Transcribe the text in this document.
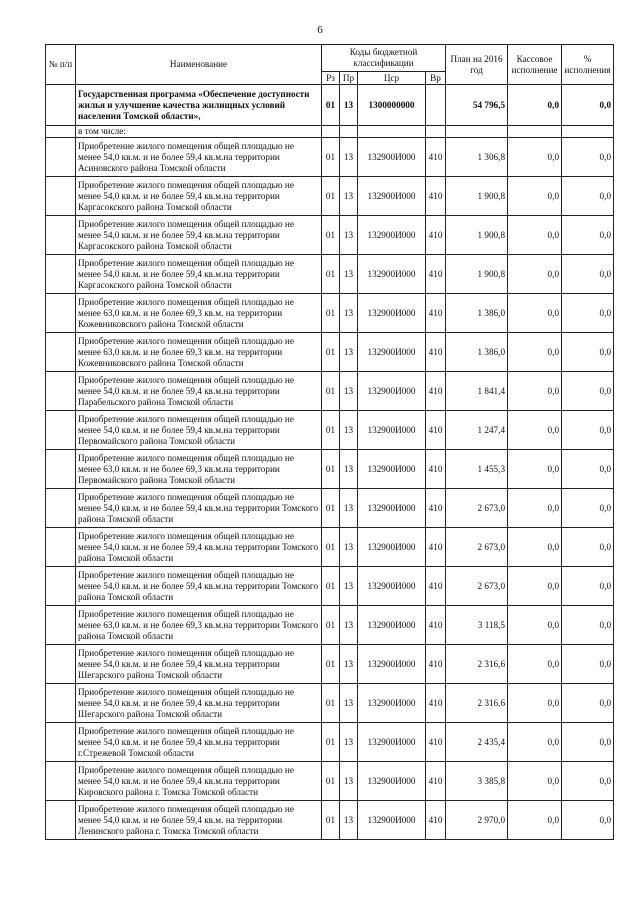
6
№ п/п	Наименование	Коды бюджетной классификации				План на 2016 год	Кассовое исполнение	% исполнения
		Рз	Пр	Цср	Вр			
	Государственная программа «Обеспечение доступности жилья и улучшение качества жилищных условий населения Томской области»,	01	13	1300000000		54 796,5	0,0	0,0
	в том числе:							
	Приобретение жилого помещения общей площадью не менее 54,0 кв.м. и не более 59,4 кв.м.на территории Асиновского района Томской области	01	13	132900И000	410	1 306,8	0,0	0,0
	Приобретение жилого помещения общей площадью не менее 54,0 кв.м. и не более 59,4 кв.м.на территории Каргасокского района Томской области	01	13	132900И000	410	1 900,8	0,0	0,0
	Приобретение жилого помещения общей площадью не менее 54,0 кв.м. и не более 59,4 кв.м.на территории Каргасокского района Томской области	01	13	132900И000	410	1 900,8	0,0	0,0
	Приобретение жилого помещения общей площадью не менее 54,0 кв.м. и не более 59,4 кв.м.на территории Каргасокского района Томской области	01	13	132900И000	410	1 900,8	0,0	0,0
	Приобретение жилого помещения общей площадью не менее 63,0 кв.м. и не более 69,3 кв.м. на территории Кожевниковского района Томской области	01	13	132900И000	410	1 386,0	0,0	0,0
	Приобретение жилого помещения общей площадью не менее 63,0 кв.м. и не более 69,3 кв.м. на территории Кожевниковского района Томской области	01	13	132900И000	410	1 386,0	0,0	0,0
	Приобретение жилого помещения общей площадью не менее 54,0 кв.м. и не более 59,4 кв.м.на территории Парабельского района Томской области	01	13	132900И000	410	1 841,4	0,0	0,0
	Приобретение жилого помещения общей площадью не менее 54,0 кв.м. и не более 59,4 кв.м.на территории Первомайского района Томской области	01	13	132900И000	410	1 247,4	0,0	0,0
	Приобретение жилого помещения общей площадью не менее 63,0 кв.м. и не более 69,3 кв.м.на территории Первомайского района Томской области	01	13	132900И000	410	1 455,3	0,0	0,0
	Приобретение жилого помещения общей площадью не менее 54,0 кв.м. и не более 59,4 кв.м.на территории Томского района Томской области	01	13	132900И000	410	2 673,0	0,0	0,0
	Приобретение жилого помещения общей площадью не менее 54,0 кв.м. и не более 59,4 кв.м.на территории Томского района Томской области	01	13	132900И000	410	2 673,0	0,0	0,0
	Приобретение жилого помещения общей площадью не менее 54,0 кв.м. и не более 59,4 кв.м.на территории Томского района Томской области	01	13	132900И000	410	2 673,0	0,0	0,0
	Приобретение жилого помещения общей площадью не менее 63,0 кв.м. и не более 69,3 кв.м.на территории Томского района Томской области	01	13	132900И000	410	3 118,5	0,0	0,0
	Приобретение жилого помещения общей площадью не менее 54,0 кв.м. и не более 59,4 кв.м.на территории Шегарского района Томской области	01	13	132900И000	410	2 316,6	0,0	0,0
	Приобретение жилого помещения общей площадью не менее 54,0 кв.м. и не более 59,4 кв.м.на территории Шегарского района Томской области	01	13	132900И000	410	2 316,6	0,0	0,0
	Приобретение жилого помещения общей площадью не менее 54,0 кв.м. и не более 59,4 кв.м.на территории г.Стрежевой Томской области	01	13	132900И000	410	2 435,4	0,0	0,0
	Приобретение жилого помещения общей площадью не менее 54,0 кв.м. и не более 59,4 кв.м.на территории Кировского района г. Томска Томской области	01	13	132900И000	410	3 385,8	0,0	0,0
	Приобретение жилого помещения общей площадью не менее 54,0 кв.м. и не более 59,4 кв.м. на территории Ленинского района г. Томска Томской области	01	13	132900И000	410	2 970,0	0,0	0,0
